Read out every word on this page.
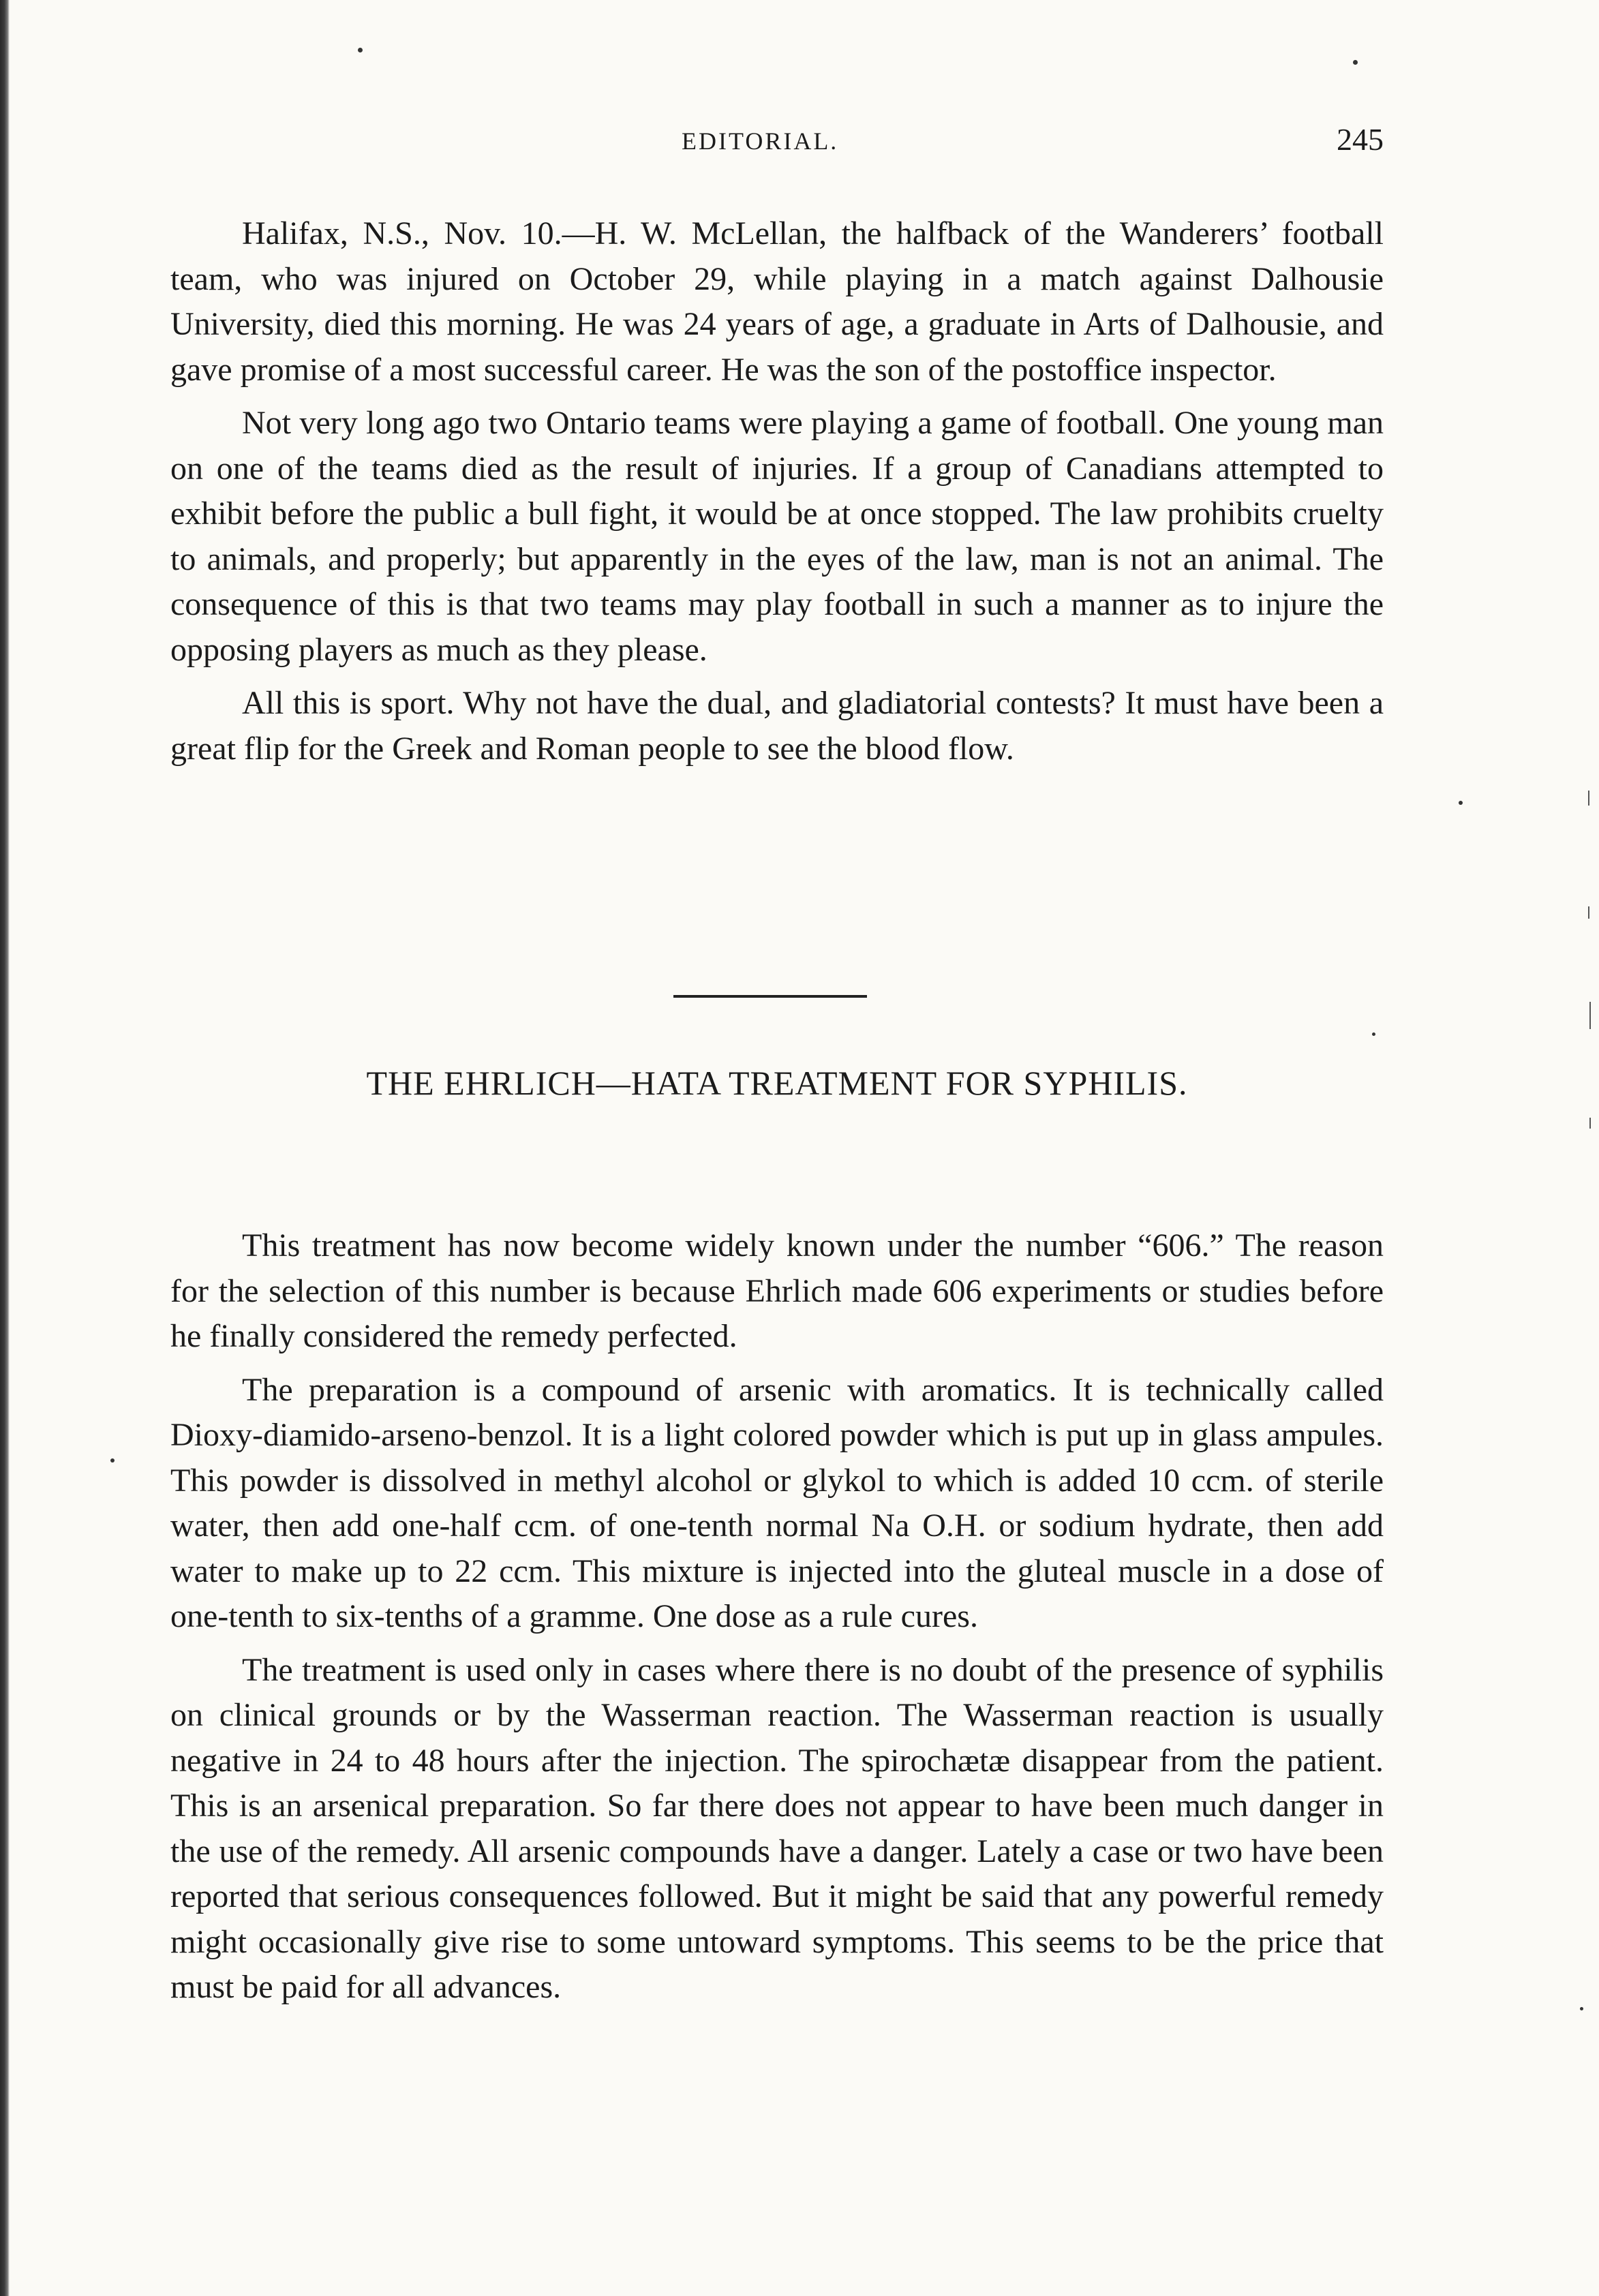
EDITORIAL.	245

Halifax, N.S., Nov. 10.—H. W. McLellan, the halfback of the Wanderers’ football team, who was injured on October 29, while playing in a match against Dalhousie University, died this morning. He was 24 years of age, a graduate in Arts of Dalhousie, and gave promise of a most successful career. He was the son of the postoffice inspector.

Not very long ago two Ontario teams were playing a game of football. One young man on one of the teams died as the result of injuries. If a group of Canadians attempted to exhibit before the public a bull fight, it would be at once stopped. The law prohibits cruelty to animals, and properly; but apparently in the eyes of the law, man is not an animal. The consequence of this is that two teams may play football in such a manner as to injure the opposing players as much as they please.

All this is sport. Why not have the dual, and gladiatorial contests? It must have been a great flip for the Greek and Roman people to see the blood flow.

THE EHRLICH—HATA TREATMENT FOR SYPHILIS.

This treatment has now become widely known under the number “606.” The reason for the selection of this number is because Ehrlich made 606 experiments or studies before he finally considered the remedy perfected.

The preparation is a compound of arsenic with aromatics. It is technically called Dioxy-diamido-arseno-benzol. It is a light colored powder which is put up in glass ampules. This powder is dissolved in methyl alcohol or glykol to which is added 10 ccm. of sterile water, then add one-half ccm. of one-tenth normal Na O.H. or sodium hydrate, then add water to make up to 22 ccm. This mixture is injected into the gluteal muscle in a dose of one-tenth to six-tenths of a gramme. One dose as a rule cures.

The treatment is used only in cases where there is no doubt of the presence of syphilis on clinical grounds or by the Wasserman reaction. The Wasserman reaction is usually negative in 24 to 48 hours after the injection. The spirochætæ disappear from the patient. This is an arsenical preparation. So far there does not appear to have been much danger in the use of the remedy. All arsenic compounds have a danger. Lately a case or two have been reported that serious consequences followed. But it might be said that any powerful remedy might occasionally give rise to some untoward symptoms. This seems to be the price that must be paid for all advances.
